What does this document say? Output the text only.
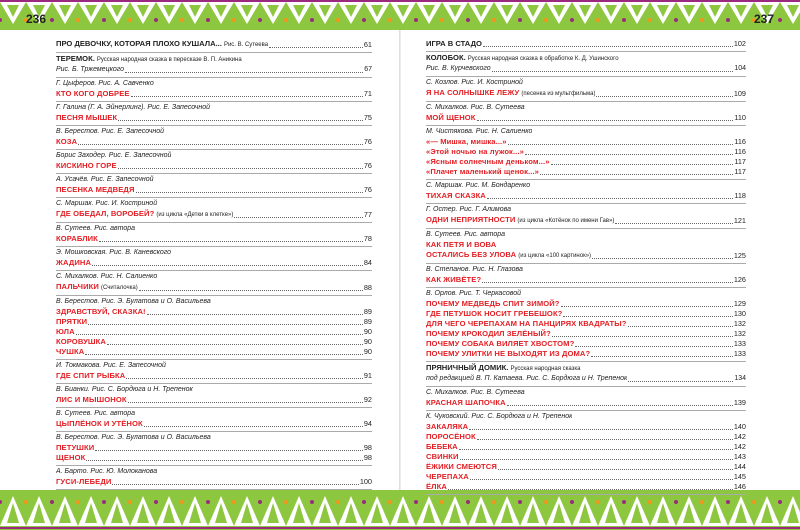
236	237
ПРО ДЕВОЧКУ, КОТОРАЯ ПЛОХО КУШАЛА... Рис. В. Сутеева	61
ТЕРЕМОК. Русская народная сказка в пересказе В. П. Аникина
Рис. Б. Тржемецкого	67
Г. Цыферов. Рис. А. Савченко
КТО КОГО ДОБРЕЕ	71
Г. Галина (Г. А. Эйнерлинг). Рис. Е. Запесочной
ПЕСНЯ МЫШЕК	75
В. Берестов. Рис. Е. Запесочной
КОЗА	76
Борис Заходер. Рис. Е. Запесочной
КИСКИНО ГОРЕ	76
А. Усачёв. Рис. Е. Запесочной
ПЕСЕНКА МЕДВЕДЯ	76
С. Маршак. Рис. И. Костриной
ГДЕ ОБЕДАЛ, ВОРОБЕЙ? (из цикла «Детки в клетке»)	77
В. Сутеев. Рис. автора
КОРАБЛИК	78
Э. Мошковская. Рис. В. Каневского
ЖАДИНА	84
С. Михалков. Рис. Н. Салиенко
ПАЛЬЧИКИ (Считалочка)	88
В. Берестов. Рис. Э. Булатова и О. Васильева
ЗДРАВСТВУЙ, СКАЗКА!	89
ПРЯТКИ	89
ЮЛА	90
КОРОВУШКА	90
ЧУШКА	90
И. Токмакова. Рис. Е. Запесочной
ГДЕ СПИТ РЫБКА	91
В. Бианки. Рис. С. Бордюга и Н. Трепенок
ЛИС И МЫШОНОК	92
В. Сутеев. Рис. автора
ЦЫПЛЁНОК И УТЁНОК	94
В. Берестов. Рис. Э. Булатова и О. Васильева
ПЕТУШКИ	98
ЩЕНОК	98
А. Барто. Рис. Ю. Молоканова
ГУСИ-ЛЕБЕДИ	100
ИГРА В СТАДО	102
КОЛОБОК. Русская народная сказка в обработке К. Д. Ушинского
Рис. В. Курчевского	104
С. Козлов. Рис. И. Костриной
Я НА СОЛНЫШКЕ ЛЕЖУ (песенка из мультфильма)	109
С. Михалков. Рис. В. Сутеева
МОЙ ЩЕНОК	110
М. Чистякова. Рис. Н. Салиенко
«— Мишка, мишка...»	116
«Этой ночью на лужок...»	116
«Ясным солнечным деньком...»	117
«Плачет маленький щенок...»	117
С. Маршак. Рис. М. Бондаренко
ТИХАЯ СКАЗКА	118
Г. Остер. Рис. Г. Алимова
ОДНИ НЕПРИЯТНОСТИ (из цикла «Котёнок по имени Гав»)	121
В. Сутеев. Рис. автора
КАК ПЕТЯ И ВОВА
ОСТАЛИСЬ БЕЗ УЛОВА (из цикла «100 картинок»)	125
В. Степанов. Рис. Н. Глазова
КАК ЖИВЁТЕ?	126
В. Орлов. Рис. Т. Черкасовой
ПОЧЕМУ МЕДВЕДЬ СПИТ ЗИМОЙ?	129
ГДЕ ПЕТУШОК НОСИТ ГРЕБЕШОК?	130
ДЛЯ ЧЕГО ЧЕРЕПАХАМ НА ПАНЦИРЯХ КВАДРАТЫ?	132
ПОЧЕМУ КРОКОДИЛ ЗЕЛЁНЫЙ?	132
ПОЧЕМУ СОБАКА ВИЛЯЕТ ХВОСТОМ?	133
ПОЧЕМУ УЛИТКИ НЕ ВЫХОДЯТ ИЗ ДОМА?	133
ПРЯНИЧНЫЙ ДОМИК. Русская народная сказка
под редакцией В. П. Катаева. Рис. С. Бордюга и Н. Трепенок	134
С. Михалков. Рис. В. Сутеева
КРАСНАЯ ШАПОЧКА	139
К. Чуковский. Рис. С. Бордюга и Н. Трепенок
ЗАКАЛЯКА	140
ПОРОСЁНОК	142
БЕБЕКА	142
СВИНКИ	143
ЁЖИКИ СМЕЮТСЯ	144
ЧЕРЕПАХА	145
ЁЛКА	146
